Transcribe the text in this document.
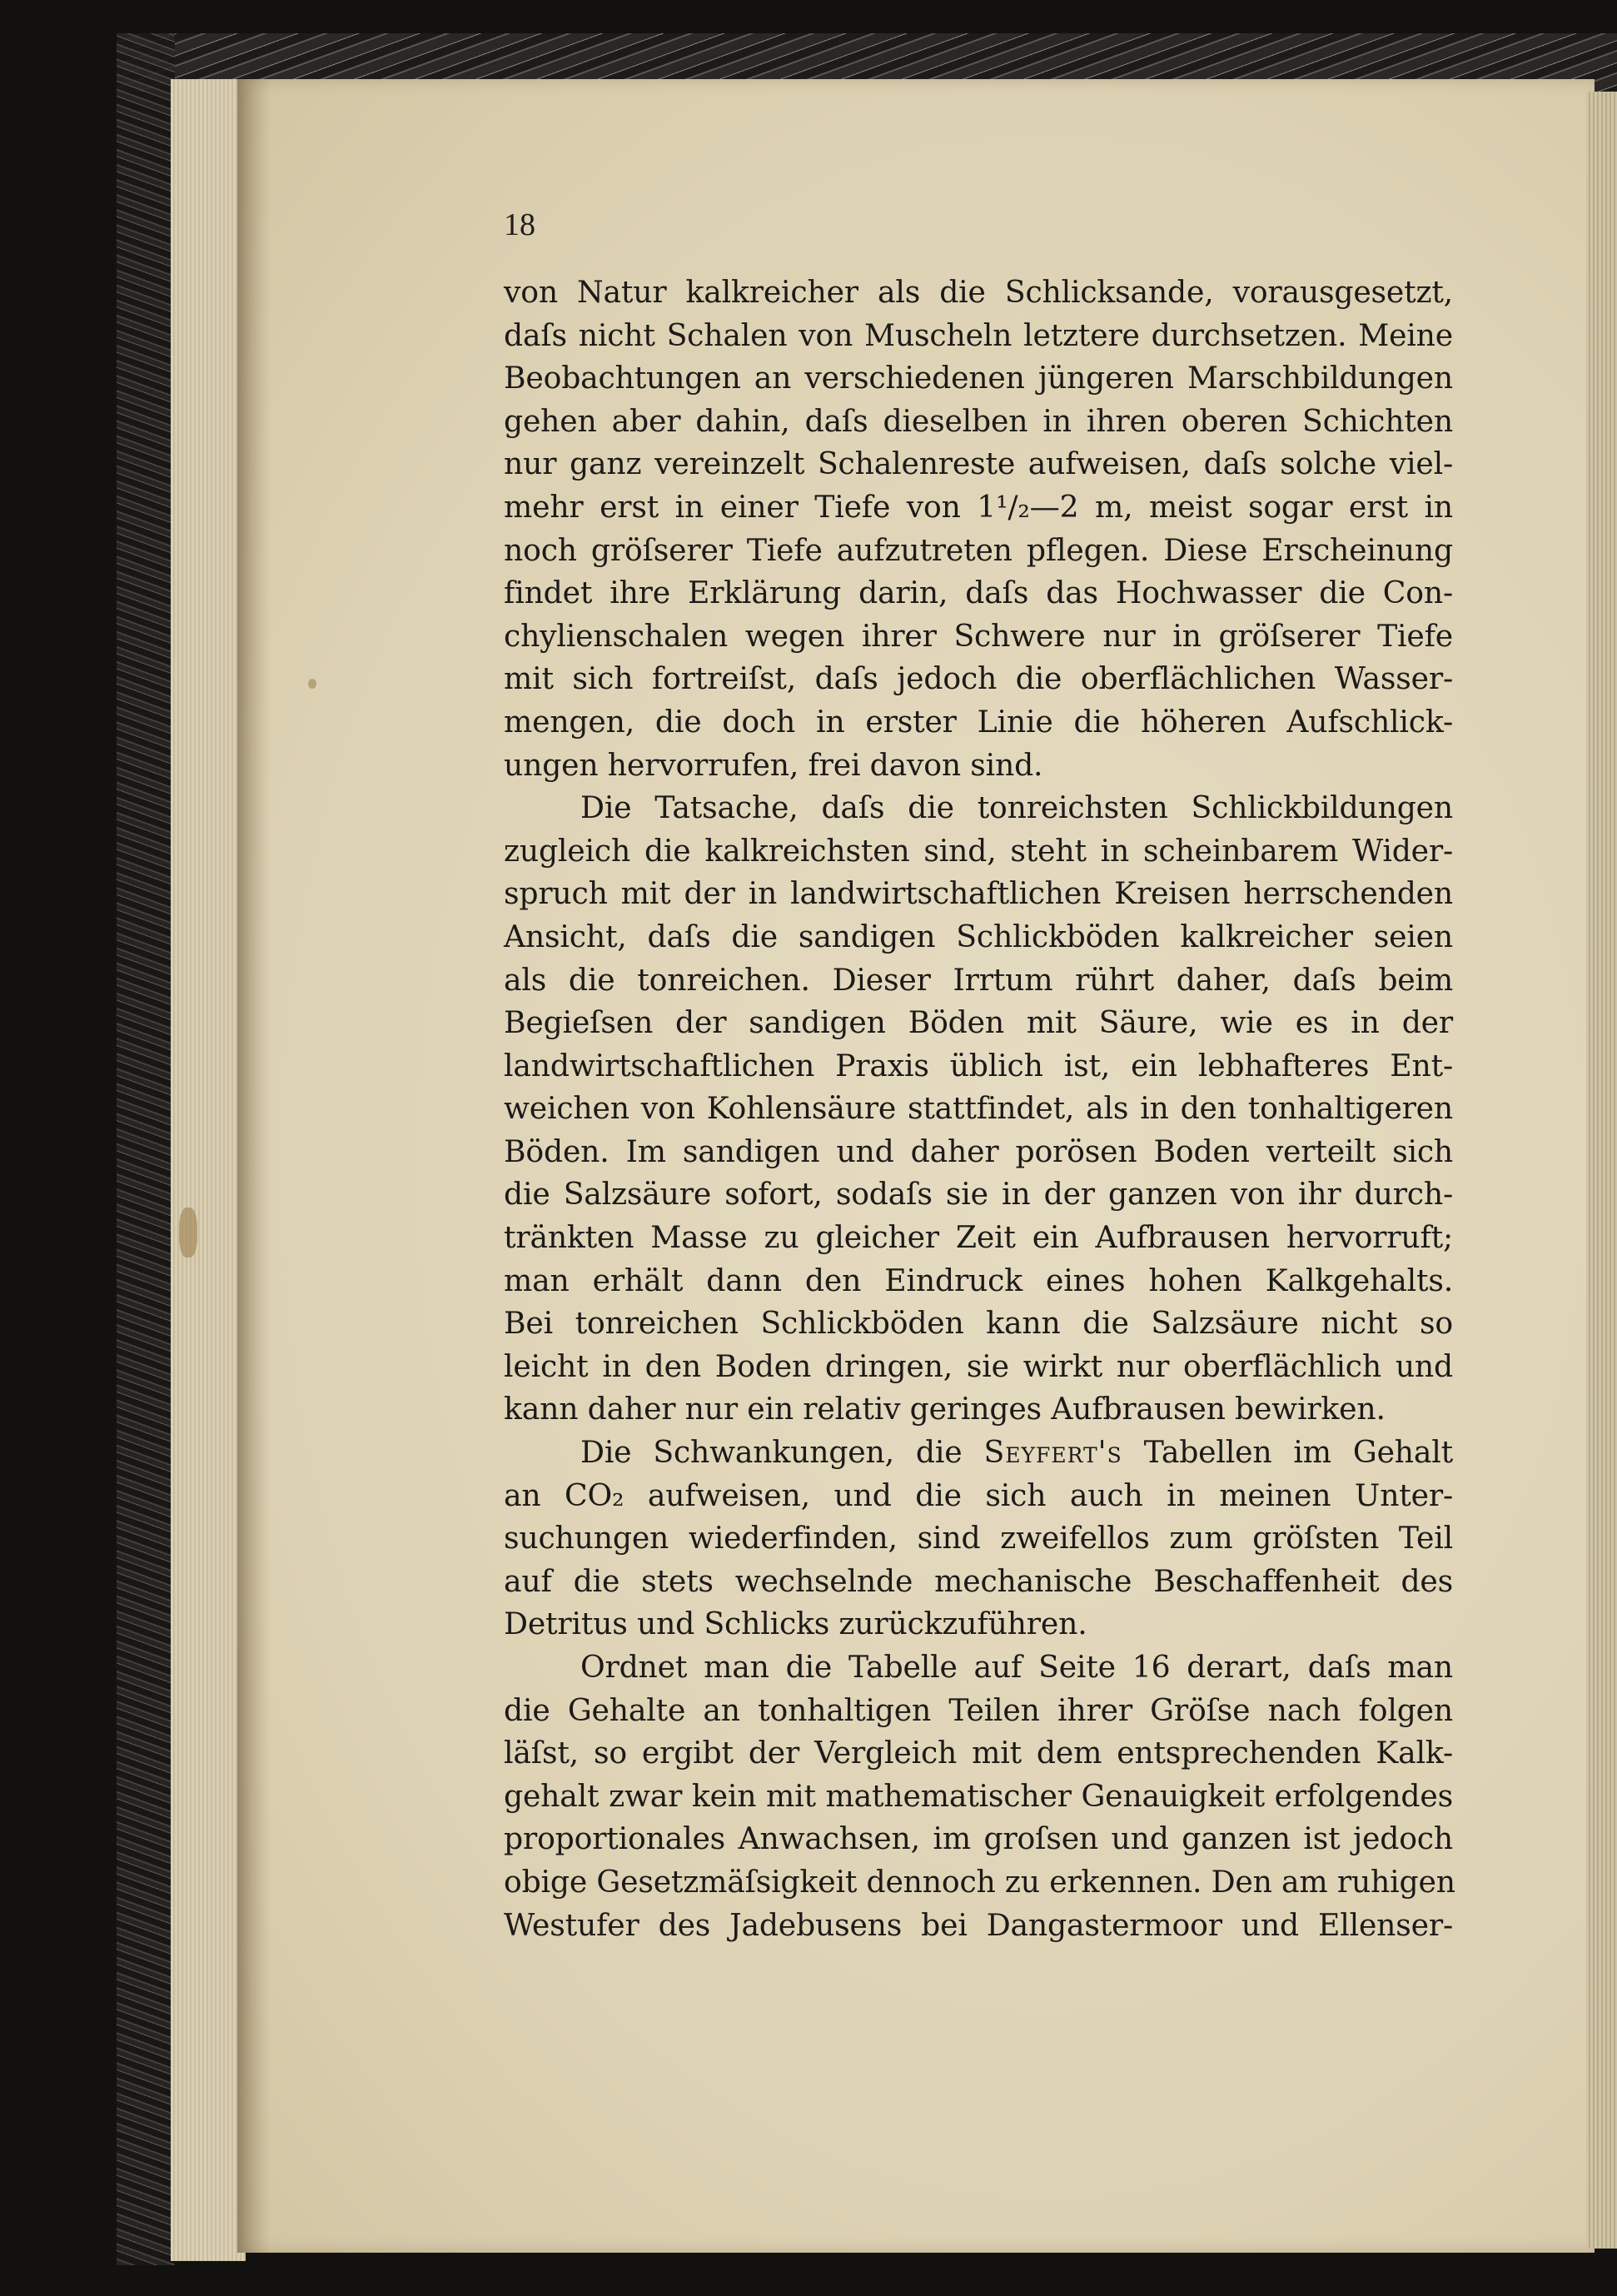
18
von Natur kalkreicher als die Schlicksande, vorausgesetzt,
daſs nicht Schalen von Muscheln letztere durchsetzen. Meine
Beobachtungen an verschiedenen jüngeren Marschbildungen
gehen aber dahin, daſs dieselben in ihren oberen Schichten
nur ganz vereinzelt Schalenreste aufweisen, daſs solche viel-
mehr erst in einer Tiefe von 1¹/₂—2 m, meist sogar erst in
noch gröſserer Tiefe aufzutreten pflegen. Diese Erscheinung
findet ihre Erklärung darin, daſs das Hochwasser die Con-
chylienschalen wegen ihrer Schwere nur in gröſserer Tiefe
mit sich fortreiſst, daſs jedoch die oberflächlichen Wasser-
mengen, die doch in erster Linie die höheren Aufschlick-
ungen hervorrufen, frei davon sind.
Die Tatsache, daſs die tonreichsten Schlickbildungen
zugleich die kalkreichsten sind, steht in scheinbarem Wider-
spruch mit der in landwirtschaftlichen Kreisen herrschenden
Ansicht, daſs die sandigen Schlickböden kalkreicher seien
als die tonreichen. Dieser Irrtum rührt daher, daſs beim
Begieſsen der sandigen Böden mit Säure, wie es in der
landwirtschaftlichen Praxis üblich ist, ein lebhafteres Ent-
weichen von Kohlensäure stattfindet, als in den tonhaltigeren
Böden. Im sandigen und daher porösen Boden verteilt sich
die Salzsäure sofort, sodaſs sie in der ganzen von ihr durch-
tränkten Masse zu gleicher Zeit ein Aufbrausen hervorruft;
man erhält dann den Eindruck eines hohen Kalkgehalts.
Bei tonreichen Schlickböden kann die Salzsäure nicht so
leicht in den Boden dringen, sie wirkt nur oberflächlich und
kann daher nur ein relativ geringes Aufbrausen bewirken.
Die Schwankungen, die Seyfert's Tabellen im Gehalt
an CO₂ aufweisen, und die sich auch in meinen Unter-
suchungen wiederfinden, sind zweifellos zum gröſsten Teil
auf die stets wechselnde mechanische Beschaffenheit des
Detritus und Schlicks zurückzuführen.
Ordnet man die Tabelle auf Seite 16 derart, daſs man
die Gehalte an tonhaltigen Teilen ihrer Gröſse nach folgen
läſst, so ergibt der Vergleich mit dem entsprechenden Kalk-
gehalt zwar kein mit mathematischer Genauigkeit erfolgendes
proportionales Anwachsen, im groſsen und ganzen ist jedoch
obige Gesetzmäſsigkeit dennoch zu erkennen. Den am ruhigen
Westufer des Jadebusens bei Dangastermoor und Ellenser-
